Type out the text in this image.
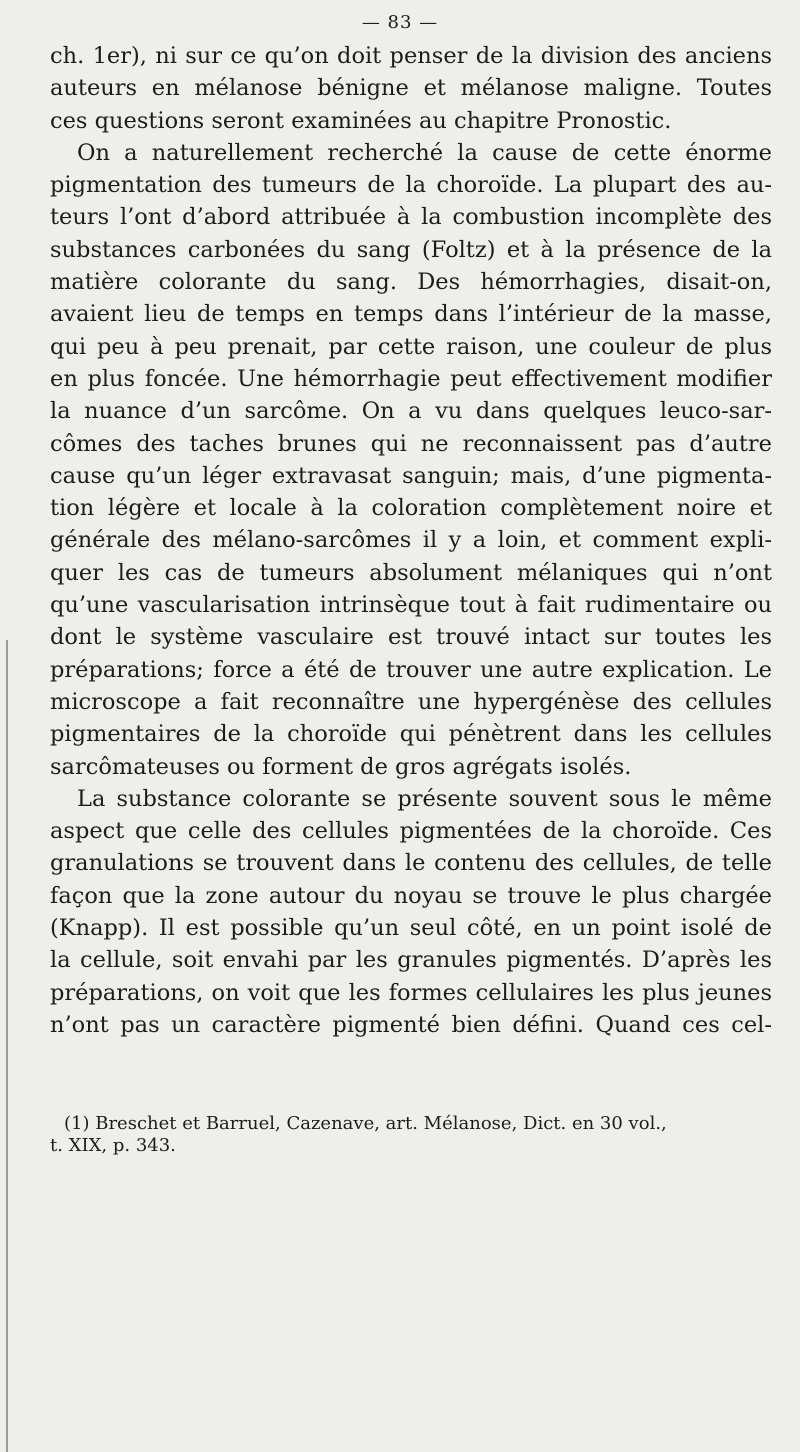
— 83 —
ch. 1er), ni sur ce qu’on doit penser de la division des anciens
auteurs en mélanose bénigne et mélanose maligne. Toutes
ces questions seront examinées au chapitre Pronostic.
On a naturellement recherché la cause de cette énorme
pigmentation des tumeurs de la choroïde. La plupart des au-
teurs l’ont d’abord attribuée à la combustion incomplète des
substances carbonées du sang (Foltz) et à la présence de la
matière colorante du sang. Des hémorrhagies, disait-on,
avaient lieu de temps en temps dans l’intérieur de la masse,
qui peu à peu prenait, par cette raison, une couleur de plus
en plus foncée. Une hémorrhagie peut effectivement modifier
la nuance d’un sarcôme. On a vu dans quelques leuco-sar-
cômes des taches brunes qui ne reconnaissent pas d’autre
cause qu’un léger extravasat sanguin; mais, d’une pigmenta-
tion légère et locale à la coloration complètement noire et
générale des mélano-sarcômes il y a loin, et comment expli-
quer les cas de tumeurs absolument mélaniques qui n’ont
qu’une vascularisation intrinsèque tout à fait rudimentaire ou
dont le système vasculaire est trouvé intact sur toutes les
préparations; force a été de trouver une autre explication. Le
microscope a fait reconnaître une hypergénèse des cellules
pigmentaires de la choroïde qui pénètrent dans les cellules
sarcômateuses ou forment de gros agrégats isolés.
La substance colorante se présente souvent sous le même
aspect que celle des cellules pigmentées de la choroïde. Ces
granulations se trouvent dans le contenu des cellules, de telle
façon que la zone autour du noyau se trouve le plus chargée
(Knapp). Il est possible qu’un seul côté, en un point isolé de
la cellule, soit envahi par les granules pigmentés. D’après les
préparations, on voit que les formes cellulaires les plus jeunes
n’ont pas un caractère pigmenté bien défini. Quand ces cel-
(1) Breschet et Barruel, Cazenave, art. Mélanose, Dict. en 30 vol.,
t. XIX, p. 343.
